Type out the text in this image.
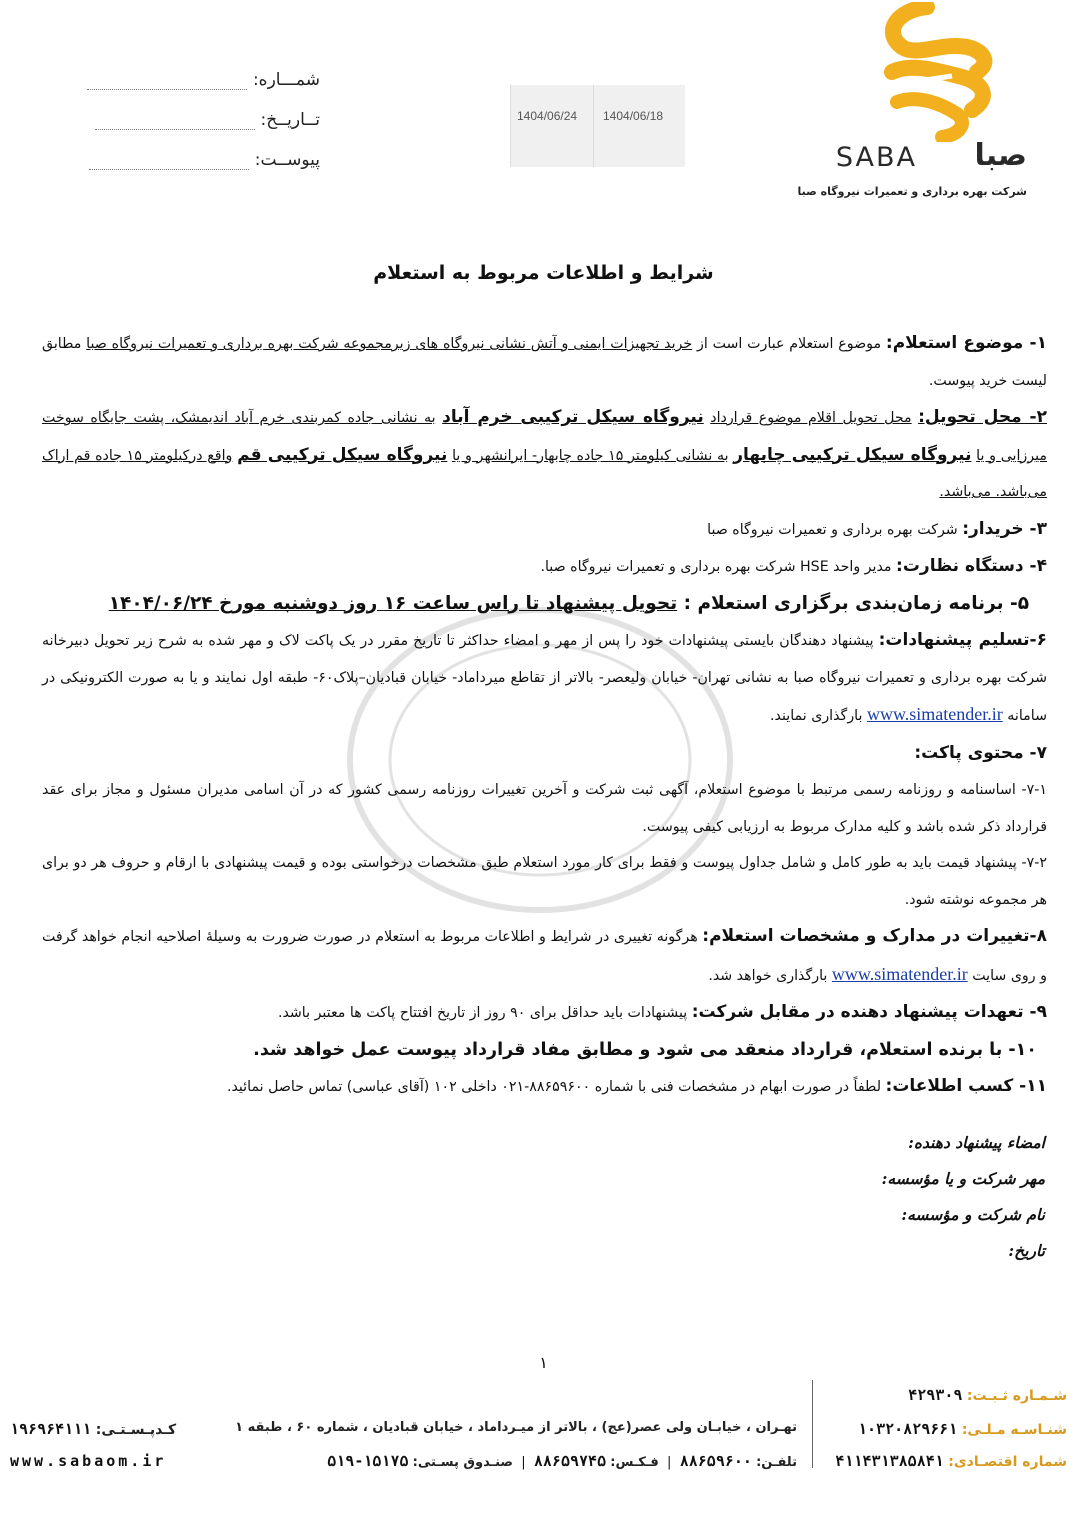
صبا
SABA
شرکت بهره برداری و تعمیرات نیروگاه صبا
1404/06/18
1404/06/24
شمـــاره:
تــاریــخ:
پیوســت:
شرایط و اطلاعات مربوط به استعلام

۱- موضوع استعلام: موضوع استعلام عبارت است از خرید تجهیزات ایمنی و آتش نشانی نیروگاه های زیرمجموعه شرکت بهره برداری و تعمیرات نیروگاه صبا مطابق لیست خرید پیوست.

۲- محل تحویل: محل تحویل اقلام موضوع قرارداد نیروگاه سیکل ترکیبی خرم آباد به نشانی جاده کمربندی خرم آباد اندیمشک، پشت جایگاه سوخت میرزایی و یا نیروگاه سیکل ترکیبی چابهار به نشانی کیلومتر ۱۵ جاده چابهار- ایرانشهر و یا نیروگاه سیکل ترکیبی قم واقع درکیلومتر ۱۵ جاده قم اراک می‌باشد. می‌باشد.

۳- خریدار: شرکت بهره برداری و تعمیرات نیروگاه صبا

۴- دستگاه نظارت: مدیر واحد HSE شرکت بهره برداری و تعمیرات نیروگاه صبا.

۵- برنامه زمان‌بندی برگزاری استعلام : تحویل پیشنهاد تا راس ساعت ۱۶ روز دوشنبه مورخ ۱۴۰۴/۰۶/۲۴

۶-تسلیم پیشنهادات: پیشنهاد دهندگان بایستی پیشنهادات خود را پس از مهر و امضاء حداکثر تا تاریخ مقرر در یک پاکت لاک و مهر شده به شرح زیر تحویل دبیرخانه شرکت بهره برداری و تعمیرات نیروگاه صبا به نشانی تهران- خیابان ولیعصر- بالاتر از تقاطع میرداماد- خیابان قبادیان–پلاک۶۰- طبقه اول نمایند و یا به صورت الکترونیکی در سامانه www.simatender.ir بارگذاری نمایند.

۷- محتوی پاکت:

۷-۱- اساسنامه و روزنامه رسمی مرتبط با موضوع استعلام، آگهی ثبت شرکت و آخرین تغییرات روزنامه رسمی کشور که در آن اسامی مدیران مسئول و مجاز برای عقد قرارداد ذکر شده باشد و کلیه مدارک مربوط به ارزیابی کیفی پیوست.

۷-۲- پیشنهاد قیمت باید به طور کامل و شامل جداول پیوست و فقط برای کار مورد استعلام طبق مشخصات درخواستی بوده و قیمت پیشنهادی با ارقام و حروف هر دو برای هر مجموعه نوشته شود.

۸-تغییرات در مدارک و مشخصات استعلام: هرگونه تغییری در شرایط و اطلاعات مربوط به استعلام در صورت ضرورت به وسیلهٔ اصلاحیه انجام خواهد گرفت و روی سایت www.simatender.ir بارگذاری خواهد شد.

۹- تعهدات پیشنهاد دهنده در مقابل شرکت: پیشنهادات باید حداقل برای ۹۰ روز از تاریخ افتتاح پاکت ها معتبر باشد.

۱۰- با برنده استعلام، قرارداد منعقد می شود و مطابق مفاد قرارداد پیوست عمل خواهد شد.

۱۱- کسب اطلاعات: لطفاً در صورت ابهام در مشخصات فنی با شماره ۸۸۶۵۹۶۰۰-۰۲۱ داخلی ۱۰۲ (آقای عباسی) تماس حاصل نمائید.

امضاء پیشنهاد دهنده:
مهر شرکت و یا مؤسسه:
نام شرکت و مؤسسه:
تاریخ:
۱
شـمـاره ثـبـت: ۴۲۹۳۰۹
شنـاسـه مـلـی: ۱۰۳۲۰۸۲۹۶۶۱
شماره اقتصـادی: ۴۱۱۴۳۱۳۸۵۸۴۱
تهـران ، خیابـان ولی عصر(عج) ، بالاتر از میـرداماد ، خیابان قبادیان ، شماره ۶۰ ، طبقه ۱
تلفـن: ۸۸۶۵۹۶۰۰  |  فـکـس: ۸۸۶۵۹۷۴۵  |  صنـدوق پسـتی: ۱۵۱۷۵-۵۱۹
کـدپـسـتـی: ۱۹۶۹۶۴۱۱۱
www.sabaom.ir
